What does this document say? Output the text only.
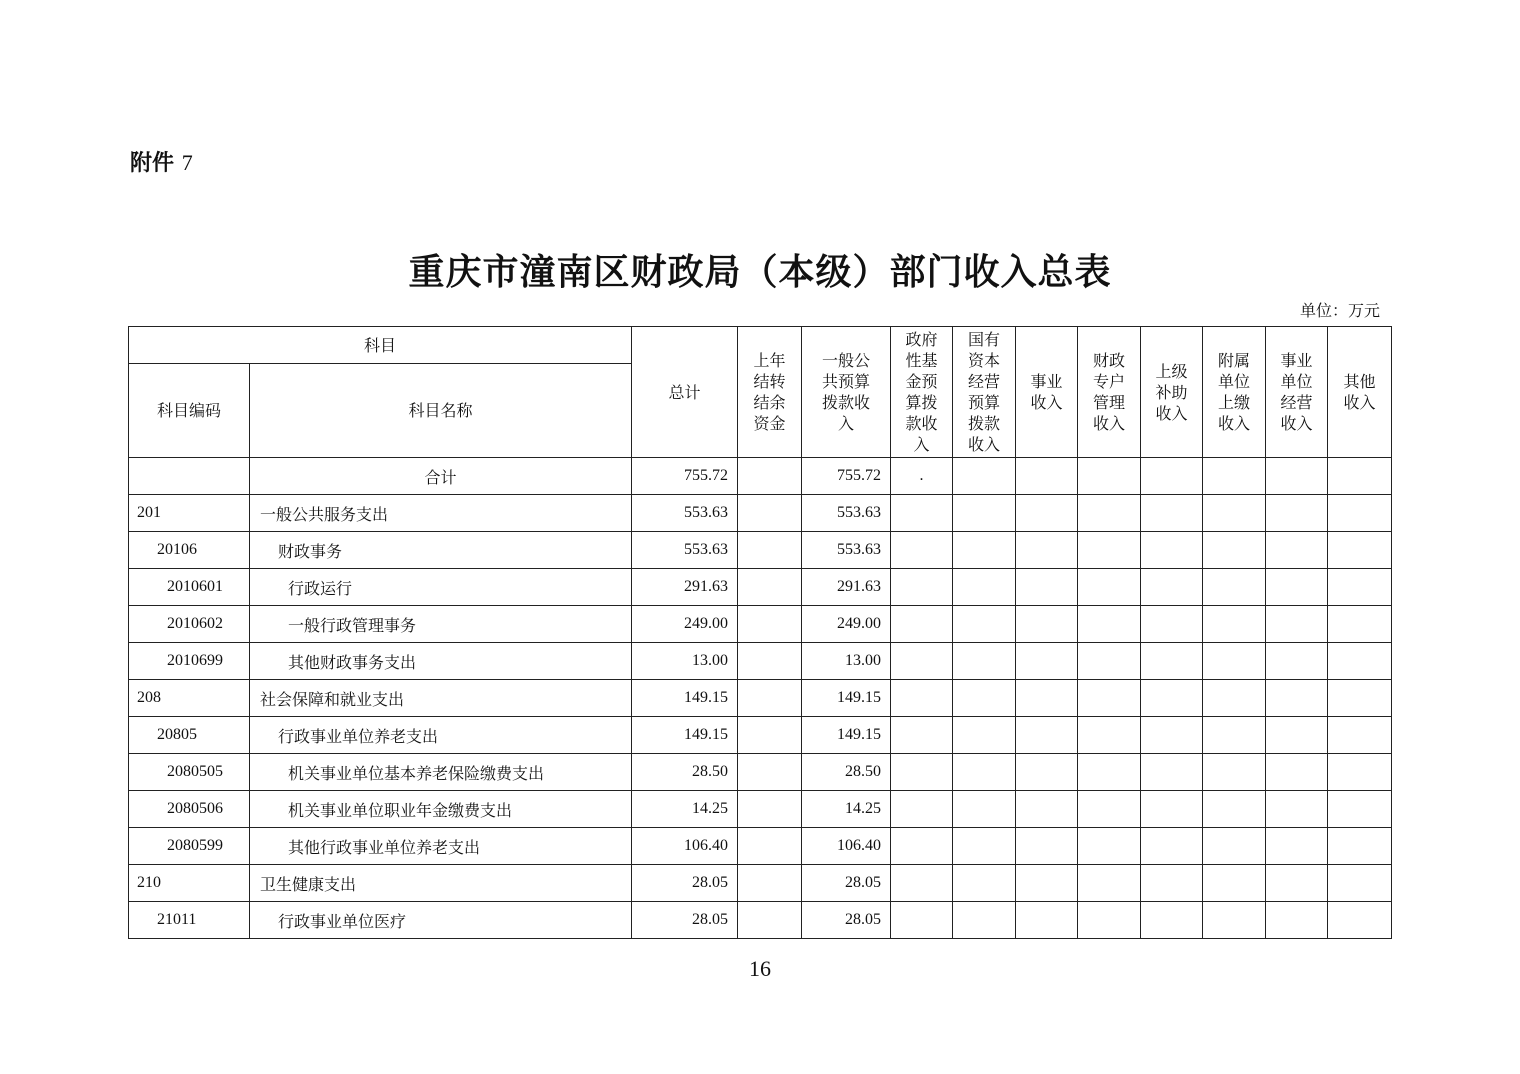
附件 7
重庆市潼南区财政局（本级）部门收入总表
单位：万元
科目		总计	上年结转结余资金	一般公共预算拨款收入	政府性基金预算拨款收入	国有资本经营预算拨款收入	事业收入	财政专户管理收入	上级补助收入	附属单位上缴收入	事业单位经营收入	其他收入
科目编码	科目名称											
	合计	755.72		755.72	.							
201	一般公共服务支出	553.63		553.63								
20106	财政事务	553.63		553.63								
2010601	行政运行	291.63		291.63								
2010602	一般行政管理事务	249.00		249.00								
2010699	其他财政事务支出	13.00		13.00								
208	社会保障和就业支出	149.15		149.15								
20805	行政事业单位养老支出	149.15		149.15								
2080505	机关事业单位基本养老保险缴费支出	28.50		28.50								
2080506	机关事业单位职业年金缴费支出	14.25		14.25								
2080599	其他行政事业单位养老支出	106.40		106.40								
210	卫生健康支出	28.05		28.05								
21011	行政事业单位医疗	28.05		28.05								
16
